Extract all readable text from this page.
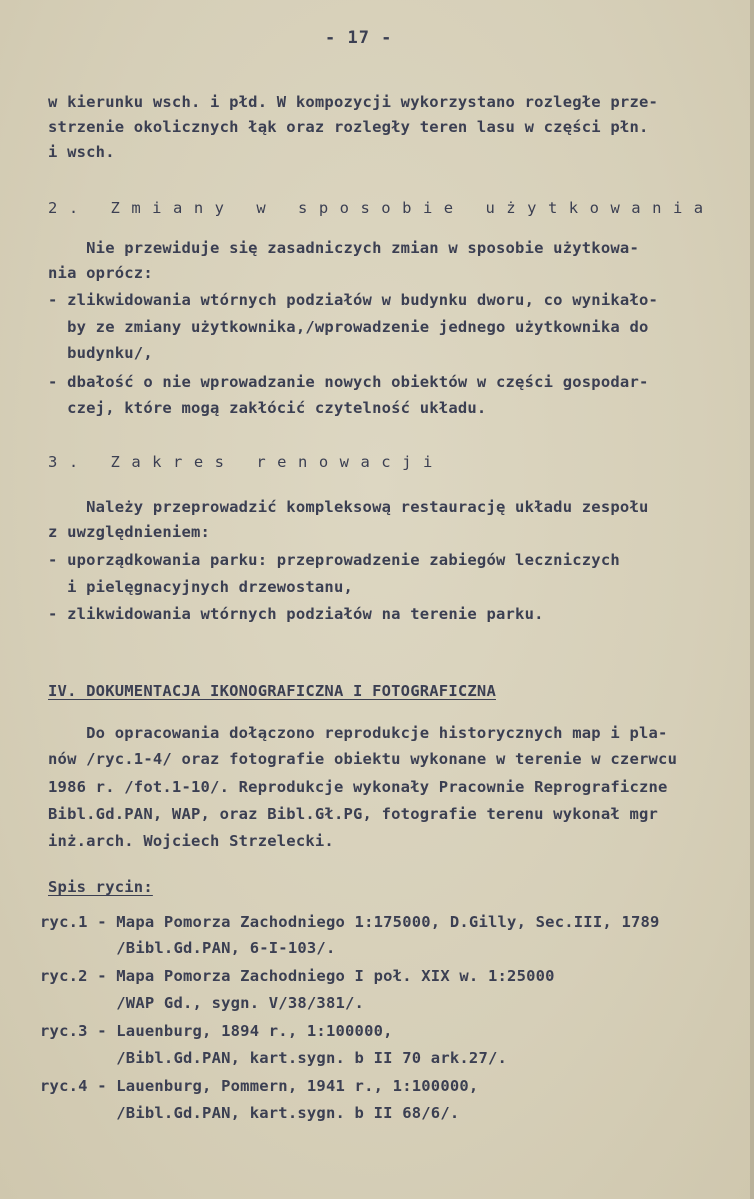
- 17 -
w kierunku wsch. i płd. W kompozycji wykorzystano rozległe prze-
strzenie okolicznych łąk oraz rozległy teren lasu w części płn.
i wsch.
2. Zmiany w sposobie użytkowania
Nie przewiduje się zasadniczych zmian w sposobie użytkowa-
nia oprócz:
- zlikwidowania wtórnych podziałów w budynku dworu, co wynikało-
by ze zmiany użytkownika,/wprowadzenie jednego użytkownika do
budynku/,
- dbałość o nie wprowadzanie nowych obiektów w części gospodar-
czej, które mogą zakłócić czytelność układu.
3. Zakres renowacji
Należy przeprowadzić kompleksową restaurację układu zespołu
z uwzględnieniem:
- uporządkowania parku: przeprowadzenie zabiegów leczniczych
i pielęgnacyjnych drzewostanu,
- zlikwidowania wtórnych podziałów na terenie parku.
IV. DOKUMENTACJA IKONOGRAFICZNA I FOTOGRAFICZNA
Do opracowania dołączono reprodukcje historycznych map i pla-
nów /ryc.1-4/ oraz fotografie obiektu wykonane w terenie w czerwcu
1986 r. /fot.1-10/. Reprodukcje wykonały Pracownie Reprograficzne
Bibl.Gd.PAN, WAP, oraz Bibl.Gł.PG, fotografie terenu wykonał mgr
inż.arch. Wojciech Strzelecki.
Spis rycin:
ryc.1 - Mapa Pomorza Zachodniego 1:175000, D.Gilly, Sec.III, 1789
/Bibl.Gd.PAN, 6-I-103/.
ryc.2 - Mapa Pomorza Zachodniego I poł. XIX w. 1:25000
/WAP Gd., sygn. V/38/381/.
ryc.3 - Lauenburg, 1894 r., 1:100000,
/Bibl.Gd.PAN, kart.sygn. b II 70 ark.27/.
ryc.4 - Lauenburg, Pommern, 1941 r., 1:100000,
/Bibl.Gd.PAN, kart.sygn. b II 68/6/.
